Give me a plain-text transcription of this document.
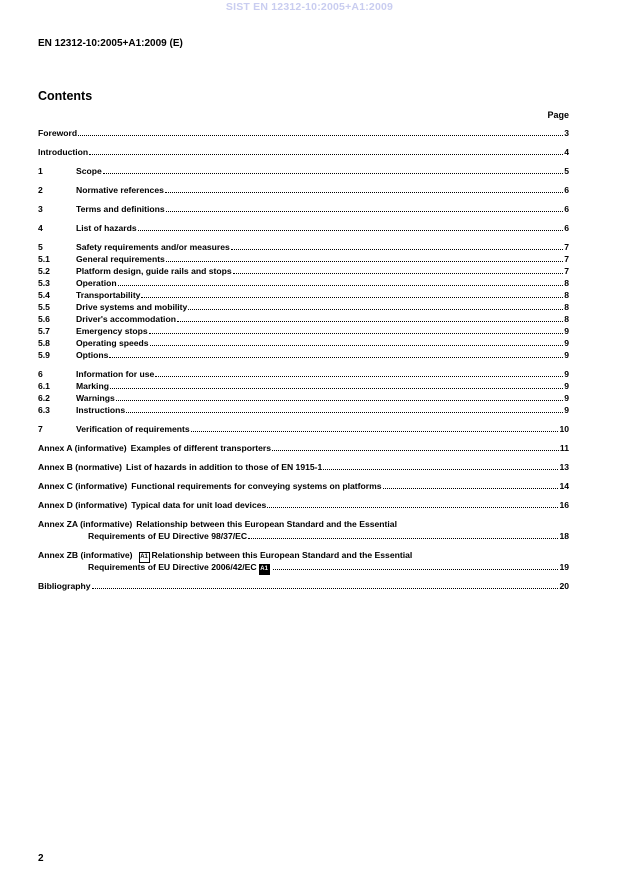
SIST EN 12312-10:2005+A1:2009
EN 12312-10:2005+A1:2009 (E)
Contents
Page
Foreword	3
Introduction	4
1	Scope	5
2	Normative references	6
3	Terms and definitions	6
4	List of hazards	6
5	Safety requirements and/or measures	7
5.1	General requirements	7
5.2	Platform design, guide rails and stops	7
5.3	Operation	8
5.4	Transportability	8
5.5	Drive systems and mobility	8
5.6	Driver's accommodation	8
5.7	Emergency stops	9
5.8	Operating speeds	9
5.9	Options	9
6	Information for use	9
6.1	Marking	9
6.2	Warnings	9
6.3	Instructions	9
7	Verification of requirements	10
Annex A (informative) Examples of different transporters	11
Annex B (normative) List of hazards in addition to those of EN 1915-1	13
Annex C (informative) Functional requirements for conveying systems on platforms	14
Annex D (informative) Typical data for unit load devices	16
Annex ZA (informative) Relationship between this European Standard and the Essential
Requirements of EU Directive 98/37/EC	18
Annex ZB (informative) A1 Relationship between this European Standard and the Essential
Requirements of EU Directive 2006/42/EC A1	19
Bibliography	20
2
